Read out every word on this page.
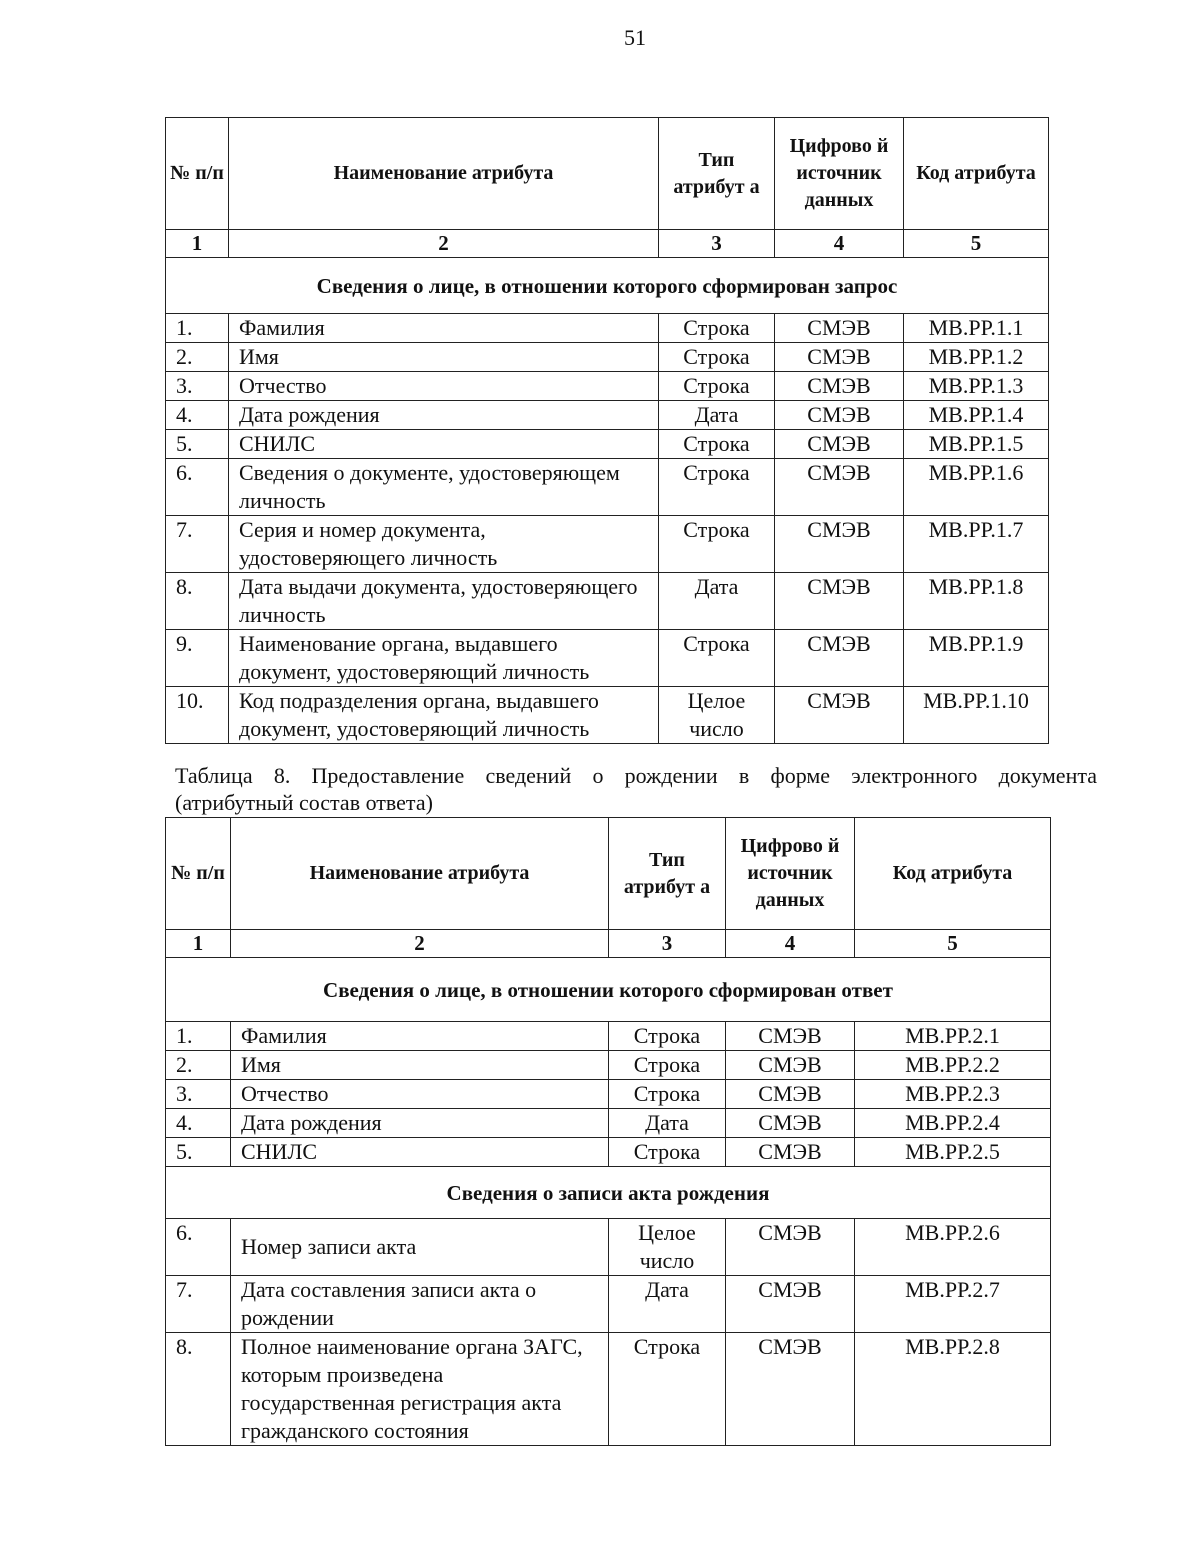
51
№ п/п	Наименование атрибута	Тип атрибут а	Цифрово й источник данных	Код атрибута
1	2	3	4	5
Сведения о лице, в отношении которого сформирован запрос				
1.	Фамилия	Строка	СМЭВ	MB.PP.1.1
2.	Имя	Строка	СМЭВ	MB.PP.1.2
3.	Отчество	Строка	СМЭВ	MB.PP.1.3
4.	Дата рождения	Дата	СМЭВ	MB.PP.1.4
5.	СНИЛС	Строка	СМЭВ	MB.PP.1.5
6.	Сведения о документе, удостоверяющем личность	Строка	СМЭВ	MB.PP.1.6
7.	Серия и номер документа, удостоверяющего личность	Строка	СМЭВ	MB.PP.1.7
8.	Дата выдачи документа, удостоверяющего личность	Дата	СМЭВ	MB.PP.1.8
9.	Наименование органа, выдавшего документ, удостоверяющий личность	Строка	СМЭВ	MB.PP.1.9
10.	Код подразделения органа, выдавшего документ, удостоверяющий личность	Целое число	СМЭВ	MB.PP.1.10
Таблица 8. Предоставление сведений о рождении в форме электронного документа
(атрибутный состав ответа)
№ п/п	Наименование атрибута	Тип атрибут а	Цифрово й источник данных	Код атрибута
1	2	3	4	5
Сведения о лице, в отношении которого сформирован ответ				
1.	Фамилия	Строка	СМЭВ	MB.PP.2.1
2.	Имя	Строка	СМЭВ	MB.PP.2.2
3.	Отчество	Строка	СМЭВ	MB.PP.2.3
4.	Дата рождения	Дата	СМЭВ	MB.PP.2.4
5.	СНИЛС	Строка	СМЭВ	MB.PP.2.5
Сведения о записи акта рождения				
6.	Номер записи акта	Целое число	СМЭВ	MB.PP.2.6
7.	Дата составления записи акта о рождении	Дата	СМЭВ	MB.PP.2.7
8.	Полное наименование органа ЗАГС, которым произведена государственная регистрация акта гражданского состояния	Строка	СМЭВ	MB.PP.2.8
